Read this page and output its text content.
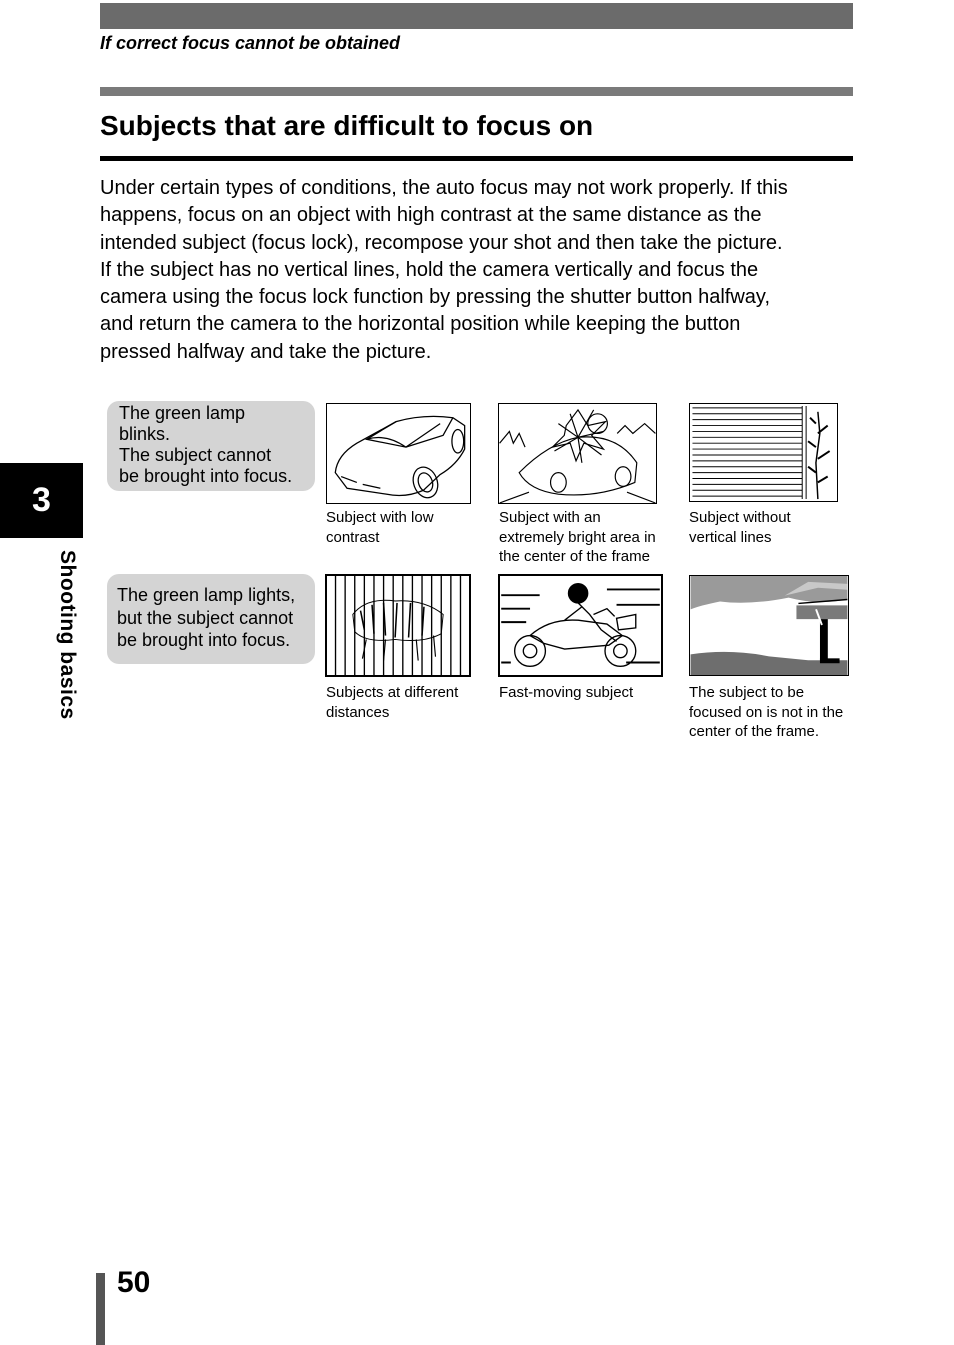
If correct focus cannot be obtained
Subjects that are difficult to focus on

Under certain types of conditions, the auto focus may not work properly. If this
happens, focus on an object with high contrast at the same distance as the
intended subject (focus lock), recompose your shot and then take the picture.
If the subject has no vertical lines, hold the camera vertically and focus the
camera using the focus lock function by pressing the shutter button halfway,
and return the camera to the horizontal position while keeping the button
pressed halfway and take the picture.

3
Shooting basics
The green lamp
blinks.
The subject cannot
be brought into focus.
The green lamp lights,
but the subject cannot
be brought into focus.
Subject with low
contrast
Subject with an
extremely bright area in
the center of the frame
Subject without
vertical lines
Subjects at different
distances
Fast-moving subject	The subject to be
focused on is not in the
center of the frame.
50
